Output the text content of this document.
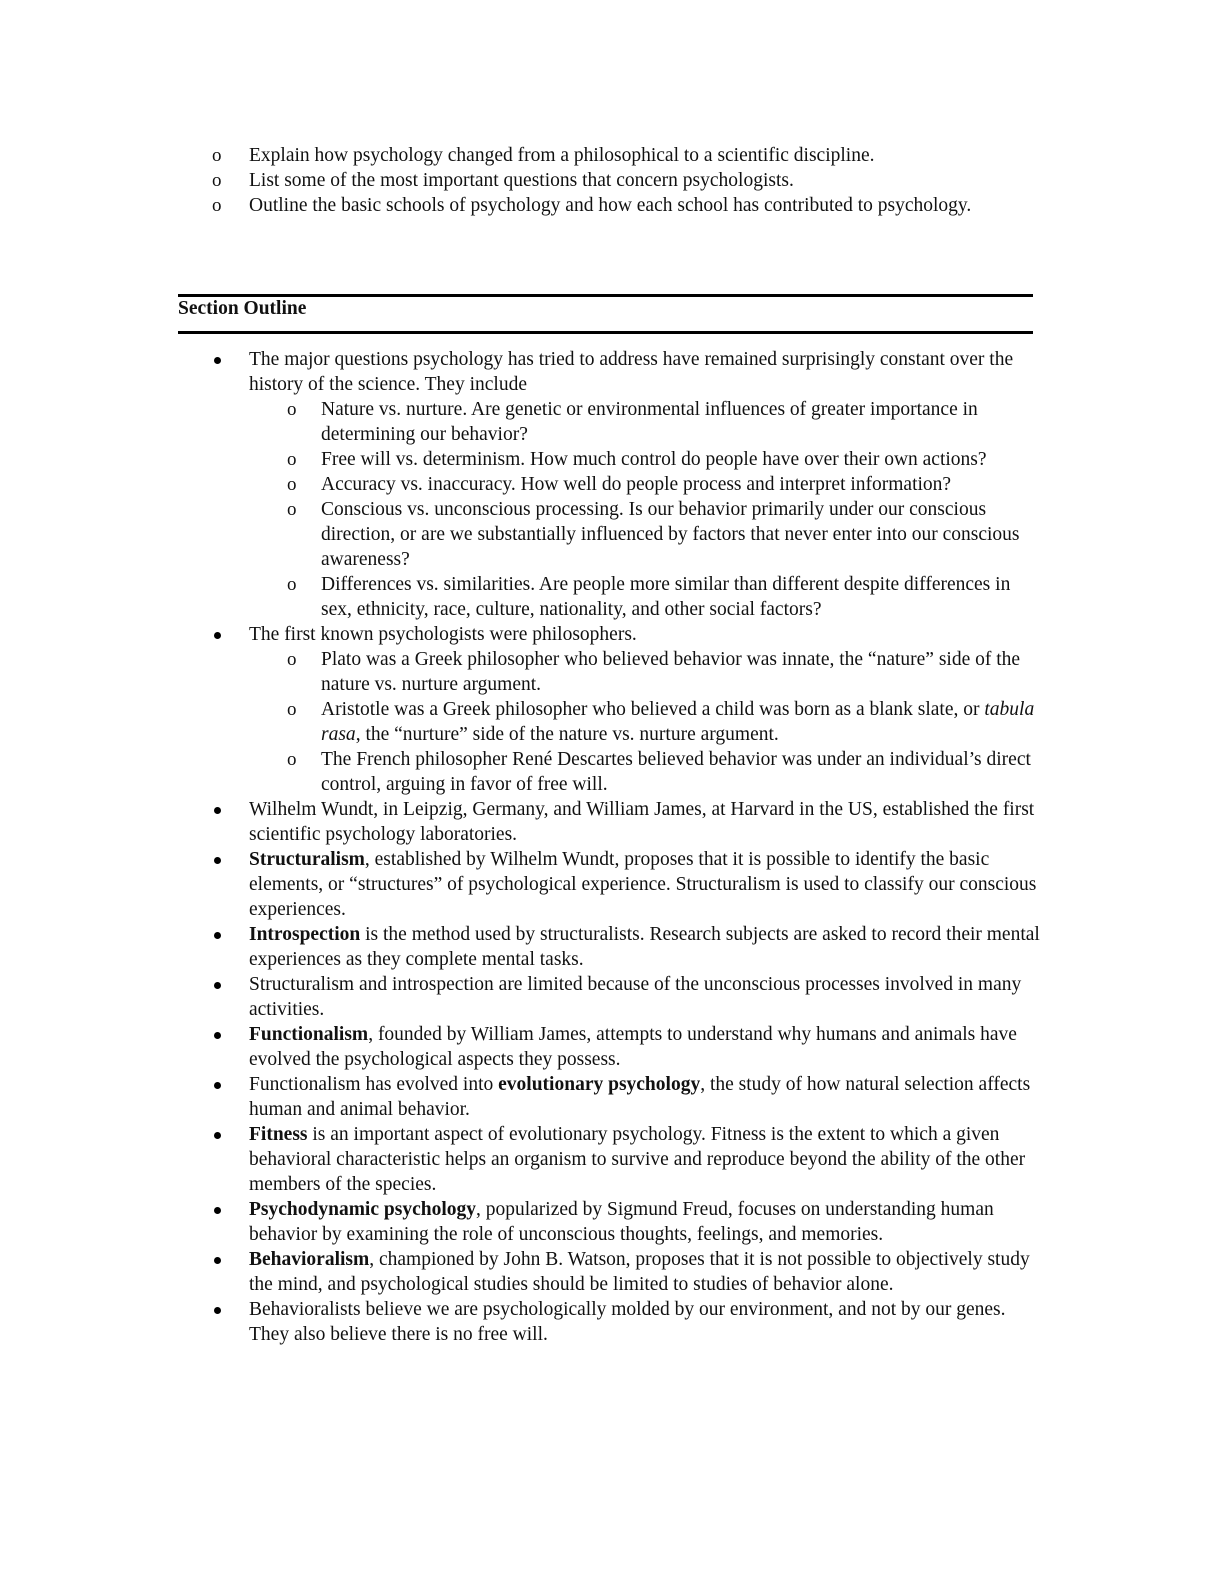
o Explain how psychology changed from a philosophical to a scientific discipline.
o List some of the most important questions that concern psychologists.
o Outline the basic schools of psychology and how each school has contributed to psychology.
Section Outline
The major questions psychology has tried to address have remained surprisingly constant over the history of the science. They include
o Nature vs. nurture. Are genetic or environmental influences of greater importance in determining our behavior?
o Free will vs. determinism. How much control do people have over their own actions?
o Accuracy vs. inaccuracy. How well do people process and interpret information?
o Conscious vs. unconscious processing. Is our behavior primarily under our conscious direction, or are we substantially influenced by factors that never enter into our conscious awareness?
o Differences vs. similarities. Are people more similar than different despite differences in sex, ethnicity, race, culture, nationality, and other social factors?
The first known psychologists were philosophers.
o Plato was a Greek philosopher who believed behavior was innate, the “nature” side of the nature vs. nurture argument.
o Aristotle was a Greek philosopher who believed a child was born as a blank slate, or tabula rasa, the “nurture” side of the nature vs. nurture argument.
o The French philosopher René Descartes believed behavior was under an individual’s direct control, arguing in favor of free will.
Wilhelm Wundt, in Leipzig, Germany, and William James, at Harvard in the US, established the first scientific psychology laboratories.
Structuralism, established by Wilhelm Wundt, proposes that it is possible to identify the basic elements, or “structures” of psychological experience. Structuralism is used to classify our conscious experiences.
Introspection is the method used by structuralists. Research subjects are asked to record their mental experiences as they complete mental tasks.
Structuralism and introspection are limited because of the unconscious processes involved in many activities.
Functionalism, founded by William James, attempts to understand why humans and animals have evolved the psychological aspects they possess.
Functionalism has evolved into evolutionary psychology, the study of how natural selection affects human and animal behavior.
Fitness is an important aspect of evolutionary psychology. Fitness is the extent to which a given behavioral characteristic helps an organism to survive and reproduce beyond the ability of the other members of the species.
Psychodynamic psychology, popularized by Sigmund Freud, focuses on understanding human behavior by examining the role of unconscious thoughts, feelings, and memories.
Behavioralism, championed by John B. Watson, proposes that it is not possible to objectively study the mind, and psychological studies should be limited to studies of behavior alone.
Behavioralists believe we are psychologically molded by our environment, and not by our genes. They also believe there is no free will.
